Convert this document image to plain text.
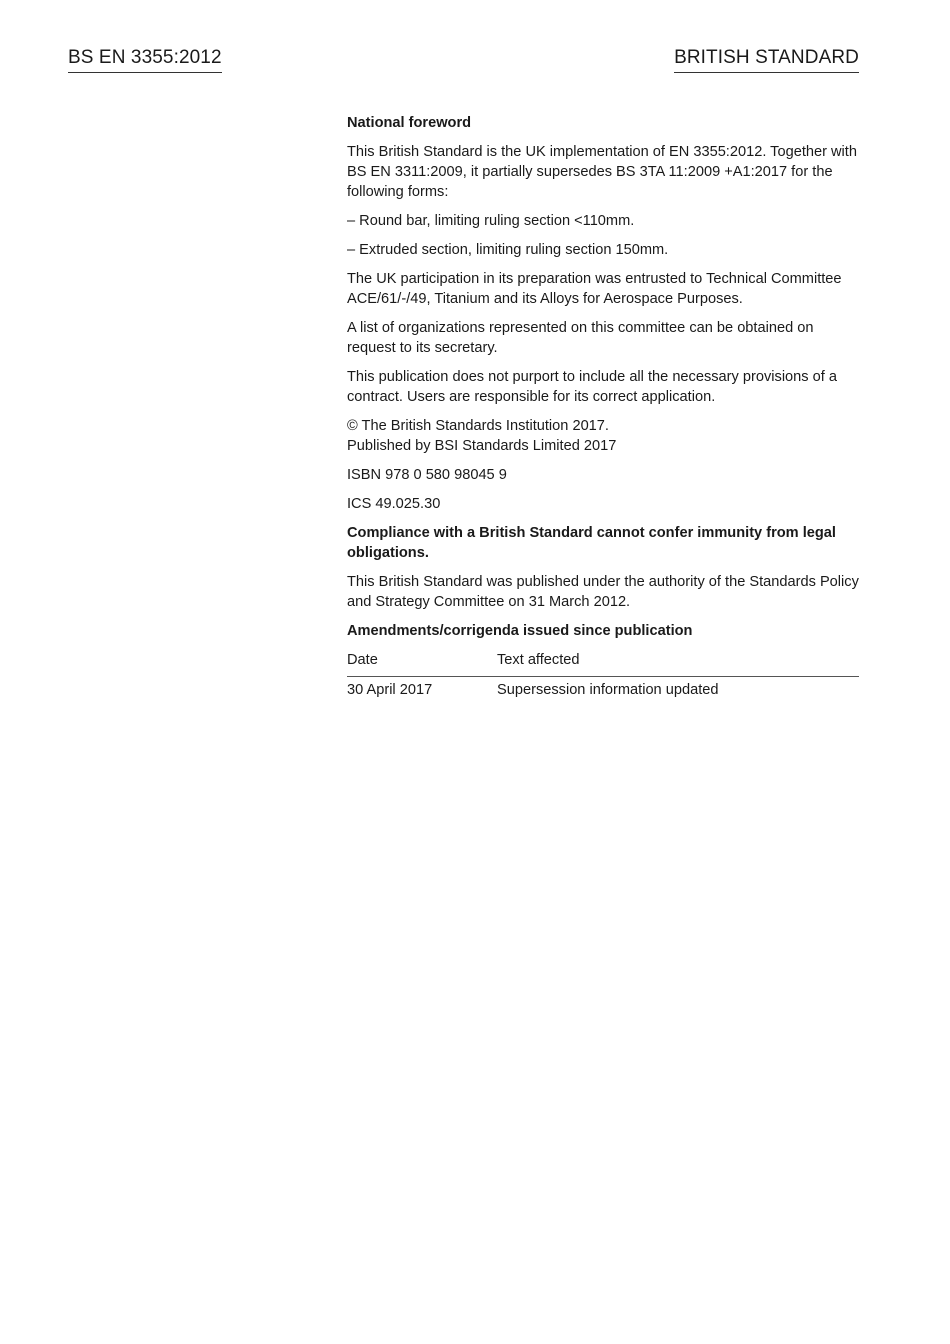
BS EN 3355:2012	BRITISH STANDARD

National foreword

This British Standard is the UK implementation of EN 3355:2012. Together with BS EN 3311:2009, it partially supersedes BS 3TA 11:2009 +A1:2017 for the following forms:

– Round bar, limiting ruling section <110mm.

– Extruded section, limiting ruling section 150mm.

The UK participation in its preparation was entrusted to Technical Committee ACE/61/-/49, Titanium and its Alloys for Aerospace Purposes.

A list of organizations represented on this committee can be obtained on request to its secretary.

This publication does not purport to include all the necessary provisions of a contract. Users are responsible for its correct application.

© The British Standards Institution 2017.
Published by BSI Standards Limited 2017

ISBN 978 0 580 98045 9

ICS 49.025.30

Compliance with a British Standard cannot confer immunity from legal obligations.

This British Standard was published under the authority of the Standards Policy and Strategy Committee on 31 March 2012.

Amendments/corrigenda issued since publication

Date	Text affected
30 April 2017	Supersession information updated
